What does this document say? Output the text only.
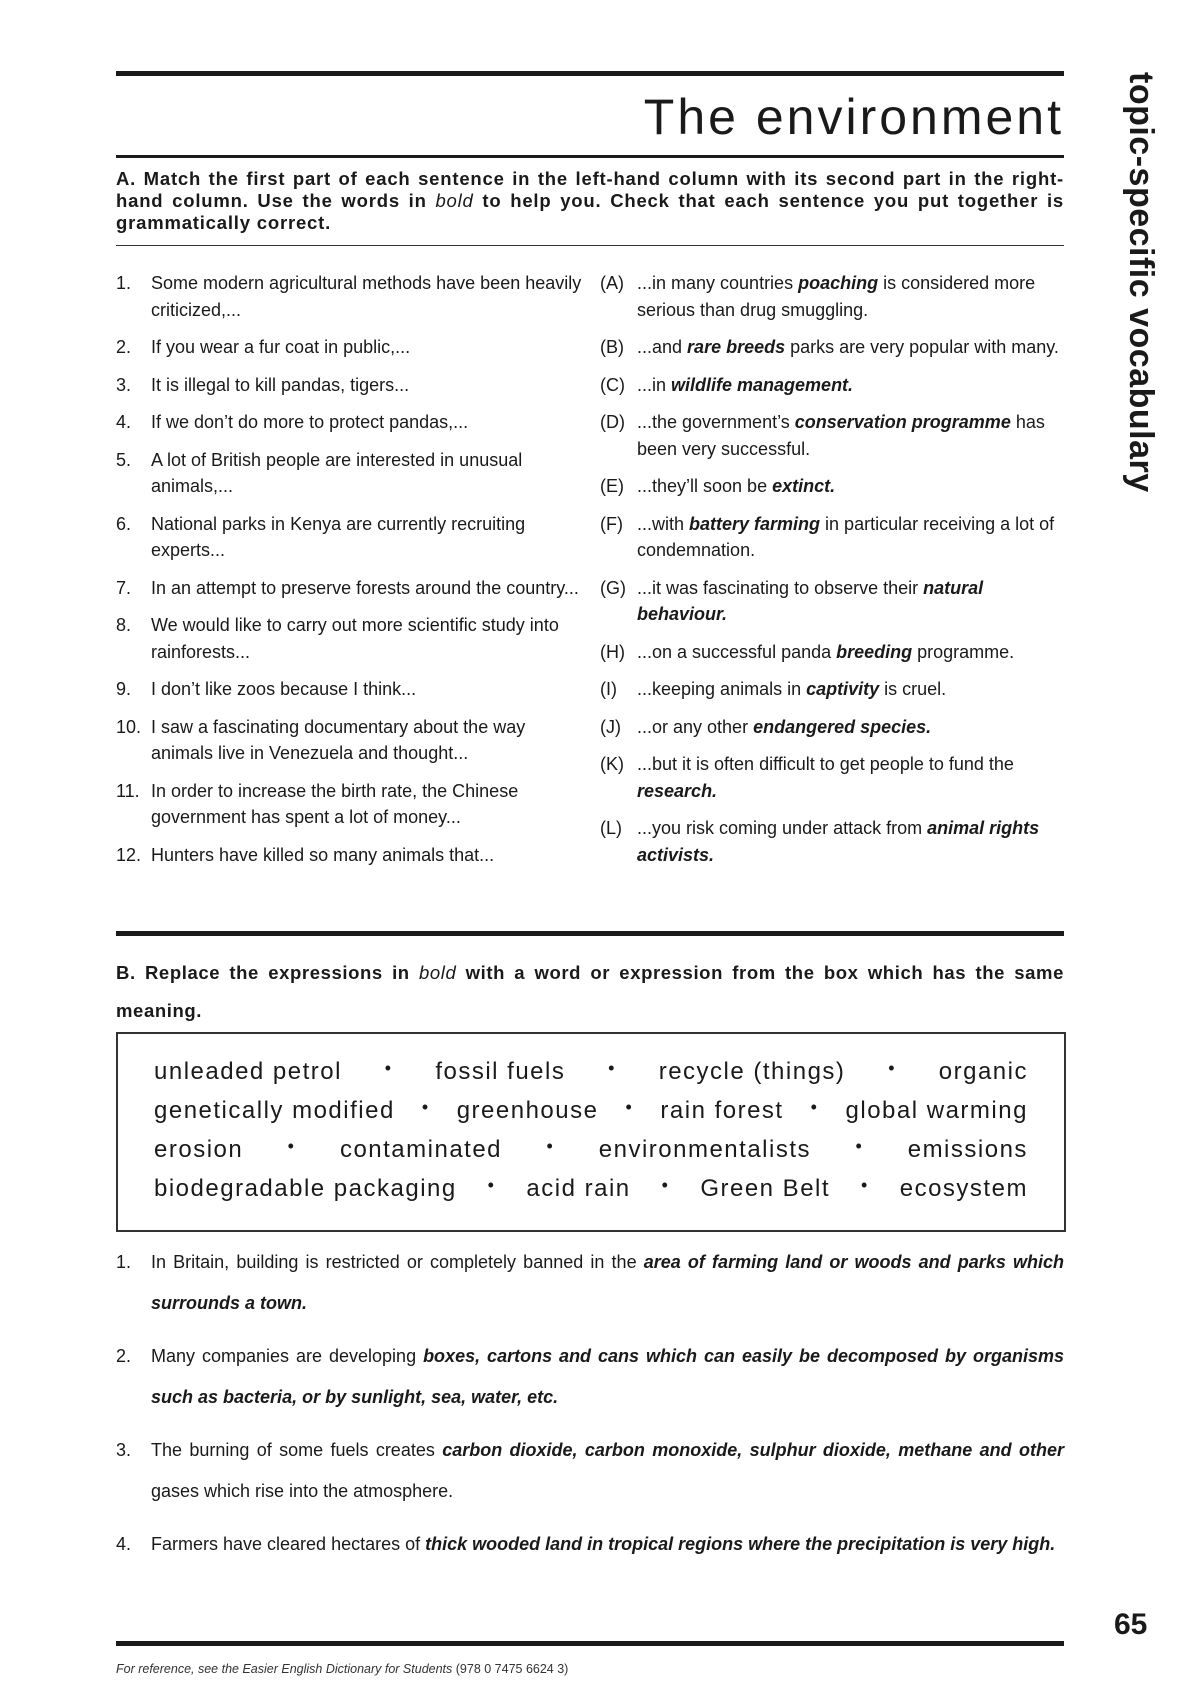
The environment topic-specific vocabulary

A. Match the first part of each sentence in the left-hand column with its second part in the right-hand column. Use the words in bold to help you. Check that each sentence you put together is grammatically correct.

1.	Some modern agricultural methods have been heavily criticized,...
2.	If you wear a fur coat in public,...
3.	It is illegal to kill pandas, tigers...
4.	If we don’t do more to protect pandas,...
5.	A lot of British people are interested in unusual animals,...
6.	National parks in Kenya are currently recruiting experts...
7.	In an attempt to preserve forests around the country...
8.	We would like to carry out more scientific study into rainforests...
9.	I don’t like zoos because I think...
10. I saw a fascinating documentary about the way animals live in Venezuela and thought...
11. In order to increase the birth rate, the Chinese government has spent a lot of money...
12. Hunters have killed so many animals that...
(A) ...in many countries poaching is considered more serious than drug smuggling.
(B) ...and rare breeds parks are very popular with many.
(C) ...in wildlife management.
(D) ...the government’s conservation programme has been very successful.
(E) ...they’ll soon be extinct.
(F) ...with battery farming in particular receiving a lot of condemnation.
(G) ...it was fascinating to observe their natural behaviour.
(H) ...on a successful panda breeding programme.
(I)	...keeping animals in captivity is cruel.
(J) ...or any other endangered species.
(K) ...but it is often difficult to get people to fund the research.
(L) ...you risk coming under attack from animal rights activists.

B. Replace the expressions in bold with a word or expression from the box which has the same meaning.

unleaded petrol • fossil fuels • recycle (things) • organic
genetically modified • greenhouse • rain forest • global warming
erosion • contaminated • environmentalists • emissions
biodegradable packaging • acid rain • Green Belt • ecosystem
1. In Britain, building is restricted or completely banned in the area of farming land or woods and parks which surrounds a town.
2. Many companies are developing boxes, cartons and cans which can easily be decomposed by organisms such as bacteria, or by sunlight, sea, water, etc.
3. The burning of some fuels creates carbon dioxide, carbon monoxide, sulphur dioxide, methane and other gases which rise into the atmosphere.
4. Farmers have cleared hectares of thick wooded land in tropical regions where the precipitation is very high.
65
For reference, see the Easier English Dictionary for Students (978 0 7475 6624 3)
